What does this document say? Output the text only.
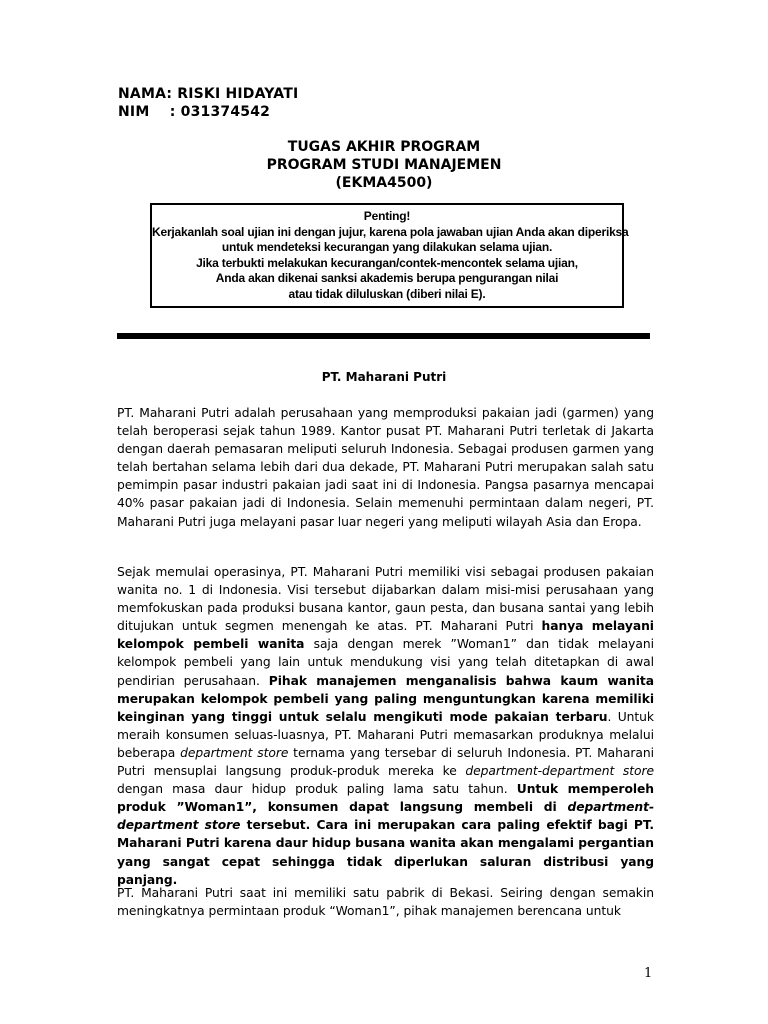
NAMA: RISKI HIDAYATI
NIM    : 031374542
TUGAS AKHIR PROGRAM
PROGRAM STUDI MANAJEMEN
(EKMA4500)
Penting!
Kerjakanlah soal ujian ini dengan jujur, karena pola jawaban ujian Anda akan diperiksa
untuk mendeteksi kecurangan yang dilakukan selama ujian.
Jika terbukti melakukan kecurangan/contek-mencontek selama ujian,
Anda akan dikenai sanksi akademis berupa pengurangan nilai
atau tidak diluluskan (diberi nilai E).
PT. Maharani Putri

PT. Maharani Putri adalah perusahaan yang memproduksi pakaian jadi (garmen) yang telah beroperasi sejak tahun 1989. Kantor pusat PT. Maharani Putri terletak di Jakarta dengan daerah pemasaran meliputi seluruh Indonesia. Sebagai produsen garmen yang telah bertahan selama lebih dari dua dekade, PT. Maharani Putri merupakan salah satu pemimpin pasar industri pakaian jadi saat ini di Indonesia. Pangsa pasarnya mencapai 40% pasar pakaian jadi di Indonesia. Selain memenuhi permintaan dalam negeri, PT. Maharani Putri juga melayani pasar luar negeri yang meliputi wilayah Asia dan Eropa.

Sejak memulai operasinya, PT. Maharani Putri memiliki visi sebagai produsen pakaian wanita no. 1 di Indonesia. Visi tersebut dijabarkan dalam misi-misi perusahaan yang memfokuskan pada produksi busana kantor, gaun pesta, dan busana santai yang lebih ditujukan untuk segmen menengah ke atas. PT. Maharani Putri hanya melayani kelompok pembeli wanita saja dengan merek ”Woman1” dan tidak melayani kelompok pembeli yang lain untuk mendukung visi yang telah ditetapkan di awal pendirian perusahaan. Pihak manajemen menganalisis bahwa kaum wanita merupakan kelompok pembeli yang paling menguntungkan karena memiliki keinginan yang tinggi untuk selalu mengikuti mode pakaian terbaru. Untuk meraih konsumen seluas-luasnya, PT. Maharani Putri memasarkan produknya melalui beberapa department store ternama yang tersebar di seluruh Indonesia. PT. Maharani Putri mensuplai langsung produk-produk mereka ke department-department store dengan masa daur hidup produk paling lama satu tahun. Untuk memperoleh produk ”Woman1”, konsumen dapat langsung membeli di department-department store tersebut. Cara ini merupakan cara paling efektif bagi PT. Maharani Putri karena daur hidup busana wanita akan mengalami pergantian yang sangat cepat sehingga tidak diperlukan saluran distribusi yang panjang.

PT. Maharani Putri saat ini memiliki satu pabrik di Bekasi. Seiring dengan semakin meningkatnya permintaan produk “Woman1”, pihak manajemen berencana untuk

1
